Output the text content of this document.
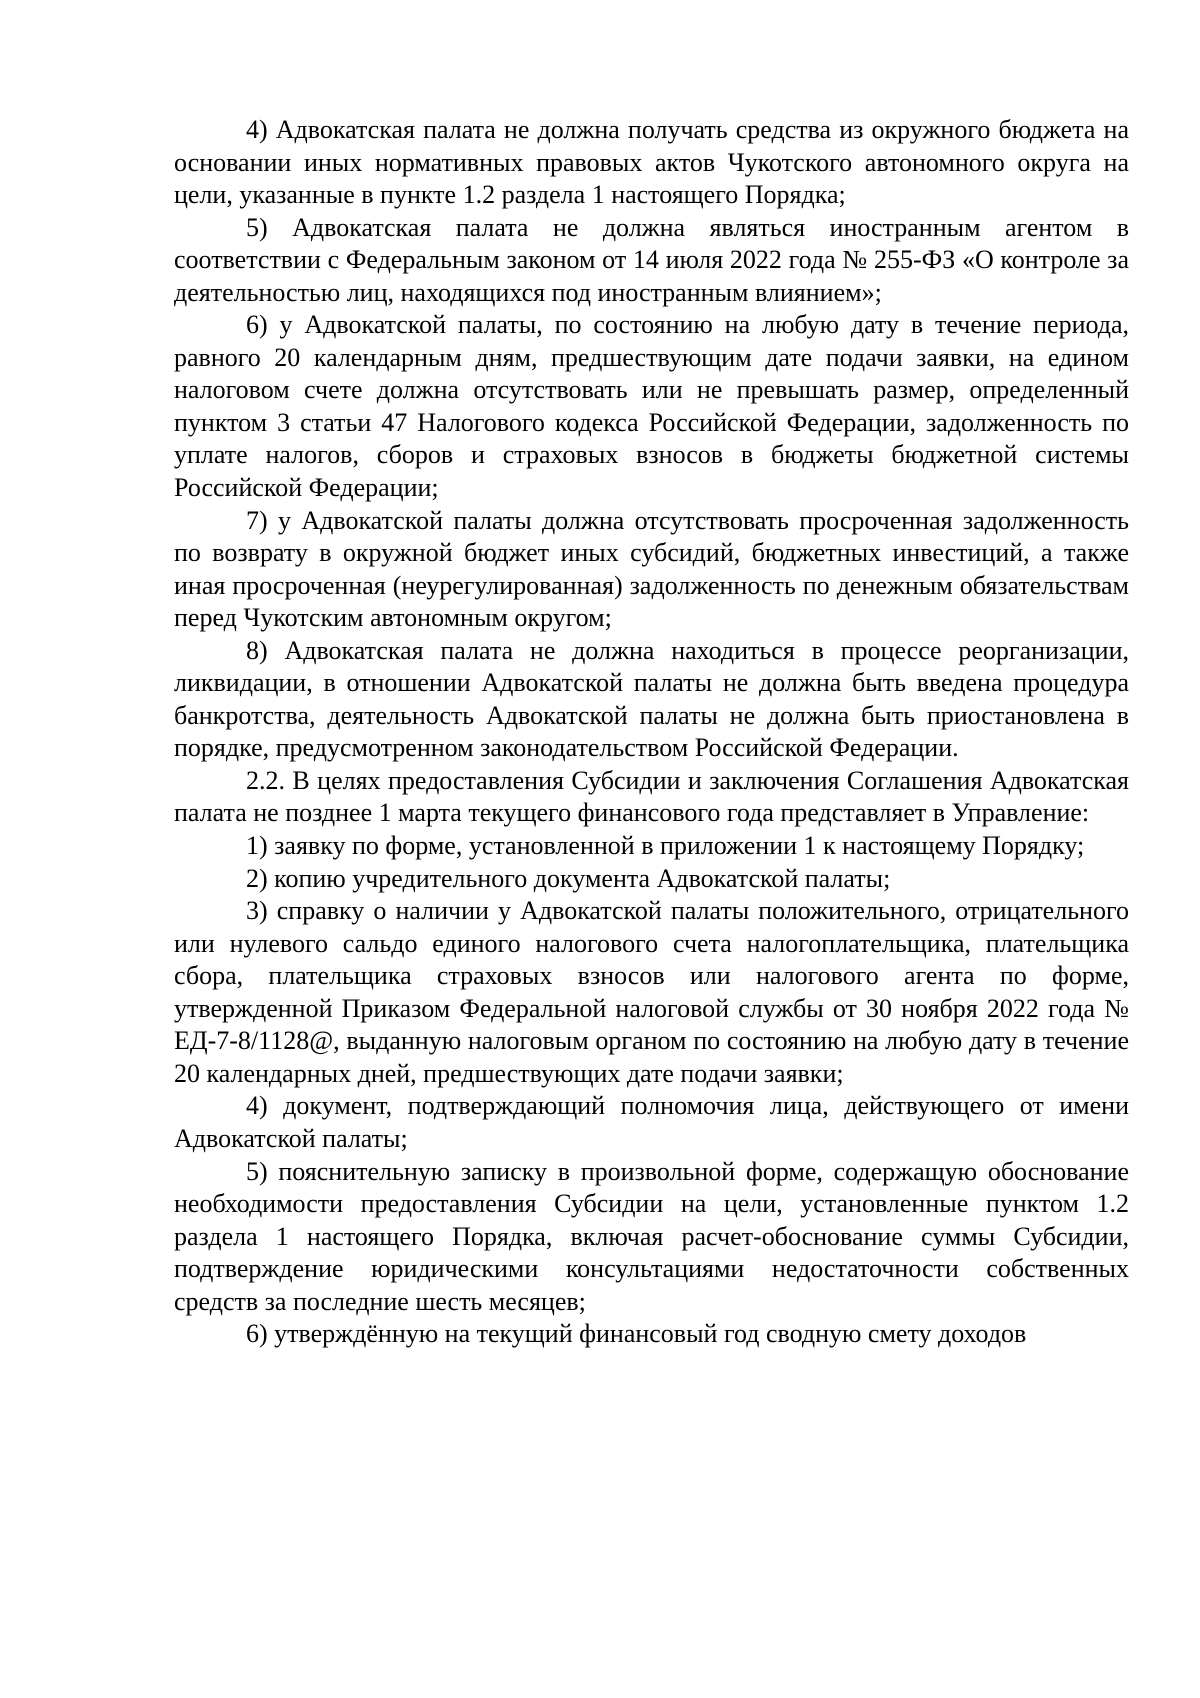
4) Адвокатская палата не должна получать средства из окружного бюджета на основании иных нормативных правовых актов Чукотского автономного округа на цели, указанные в пункте 1.2 раздела 1 настоящего Порядка;

5) Адвокатская палата не должна являться иностранным агентом в соответствии с Федеральным законом от 14 июля 2022 года № 255-ФЗ «О контроле за деятельностью лиц, находящихся под иностранным влиянием»;

6) у Адвокатской палаты, по состоянию на любую дату в течение периода, равного 20 календарным дням, предшествующим дате подачи заявки, на едином налоговом счете должна отсутствовать или не превышать размер, определенный пунктом 3 статьи 47 Налогового кодекса Российской Федерации, задолженность по уплате налогов, сборов и страховых взносов в бюджеты бюджетной системы Российской Федерации;

7) у Адвокатской палаты должна отсутствовать просроченная задолженность по возврату в окружной бюджет иных субсидий, бюджетных инвестиций, а также иная просроченная (неурегулированная) задолженность по денежным обязательствам перед Чукотским автономным округом;

8) Адвокатская палата не должна находиться в процессе реорганизации, ликвидации, в отношении Адвокатской палаты не должна быть введена процедура банкротства, деятельность Адвокатской палаты не должна быть приостановлена в порядке, предусмотренном законодательством Российской Федерации.

2.2. В целях предоставления Субсидии и заключения Соглашения Адвокатская палата не позднее 1 марта текущего финансового года представляет в Управление:

1) заявку по форме, установленной в приложении 1 к настоящему Порядку;

2) копию учредительного документа Адвокатской палаты;

3) справку о наличии у Адвокатской палаты положительного, отрицательного или нулевого сальдо единого налогового счета налогоплательщика, плательщика сбора, плательщика страховых взносов или налогового агента по форме, утвержденной Приказом Федеральной налоговой службы от 30 ноября 2022 года № ЕД-7-8/1128@, выданную налоговым органом по состоянию на любую дату в течение 20 календарных дней, предшествующих дате подачи заявки;

4) документ, подтверждающий полномочия лица, действующего от имени Адвокатской палаты;

5) пояснительную записку в произвольной форме, содержащую обоснование необходимости предоставления Субсидии на цели, установленные пунктом 1.2 раздела 1 настоящего Порядка, включая расчет-обоснование суммы Субсидии, подтверждение юридическими консультациями недостаточности собственных средств за последние шесть месяцев;

6) утверждённую на текущий финансовый год сводную смету доходов
